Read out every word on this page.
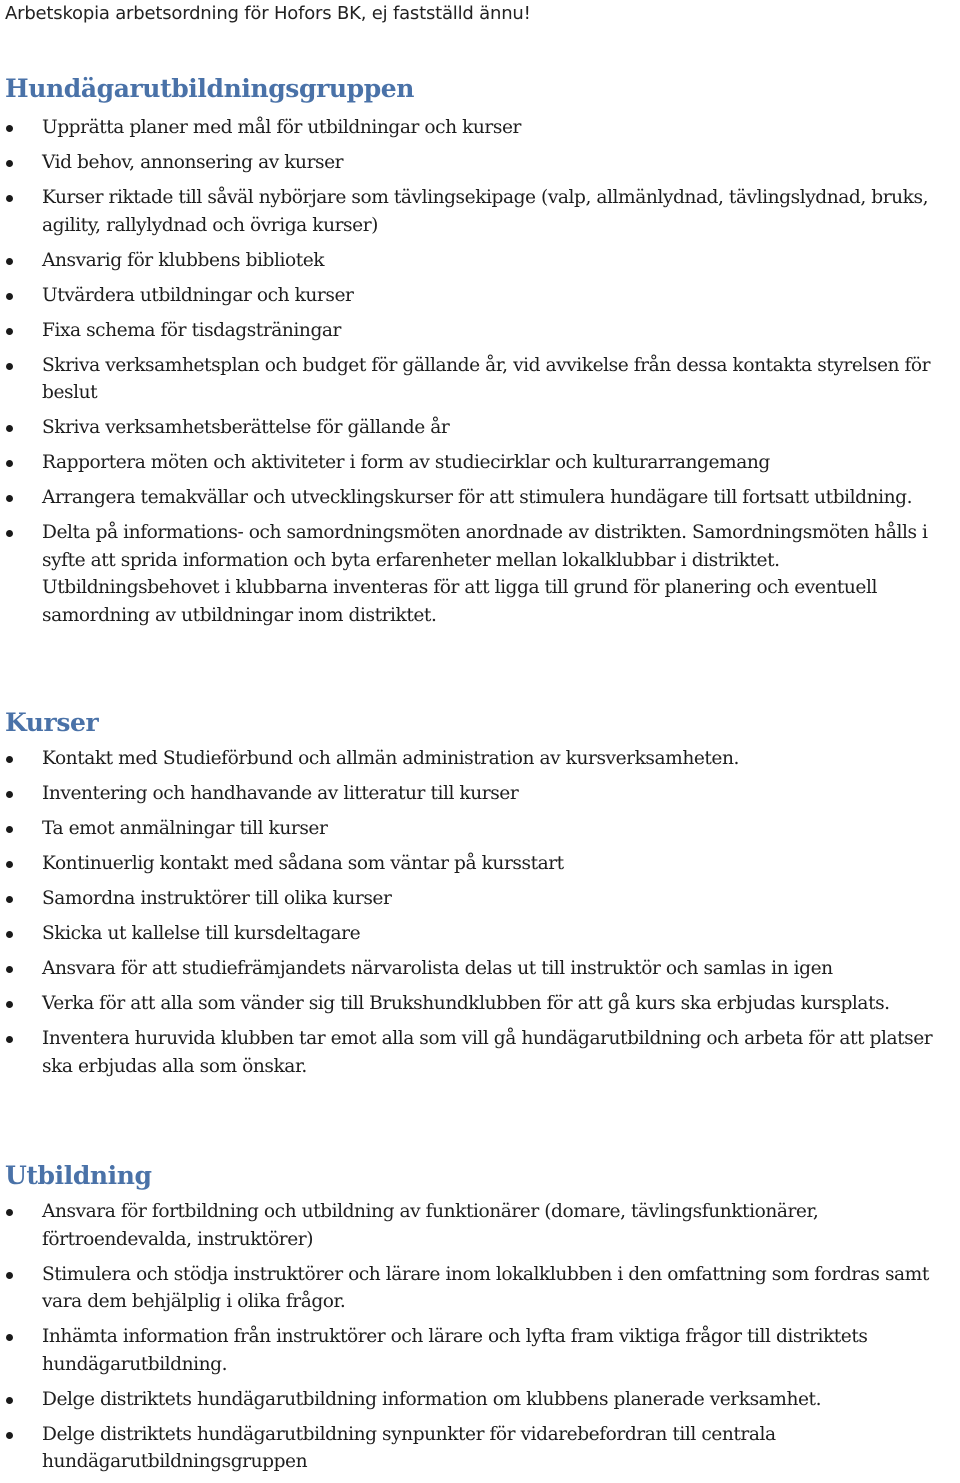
Arbetskopia arbetsordning för Hofors BK, ej fastställd ännu!
Hundägarutbildningsgruppen
Upprätta planer med mål för utbildningar och kurser
Vid behov, annonsering av kurser
Kurser riktade till såväl nybörjare som tävlingsekipage (valp, allmänlydnad, tävlingslydnad, bruks, agility, rallylydnad och övriga kurser)
Ansvarig för klubbens bibliotek
Utvärdera utbildningar och kurser
Fixa schema för tisdagsträningar
Skriva verksamhetsplan och budget för gällande år, vid avvikelse från dessa kontakta styrelsen för beslut
Skriva verksamhetsberättelse för gällande år
Rapportera möten och aktiviteter i form av studiecirklar och kulturarrangemang
Arrangera temakvällar och utvecklingskurser för att stimulera hundägare till fortsatt utbildning.
Delta på informations- och samordningsmöten anordnade av distrikten. Samordningsmöten hålls i syfte att sprida information och byta erfarenheter mellan lokalklubbar i distriktet. Utbildningsbehovet i klubbarna inventeras för att ligga till grund för planering och eventuell samordning av utbildningar inom distriktet.
Kurser
Kontakt med Studieförbund och allmän administration av kursverksamheten.
Inventering och handhavande av litteratur till kurser
Ta emot anmälningar till kurser
Kontinuerlig kontakt med sådana som väntar på kursstart
Samordna instruktörer till olika kurser
Skicka ut kallelse till kursdeltagare
Ansvara för att studiefrämjandets närvarolista delas ut till instruktör och samlas in igen
Verka för att alla som vänder sig till Brukshundklubben för att gå kurs ska erbjudas kursplats.
Inventera huruvida klubben tar emot alla som vill gå hundägarutbildning och arbeta för att platser ska erbjudas alla som önskar.
Utbildning
Ansvara för fortbildning och utbildning av funktionärer (domare, tävlingsfunktionärer, förtroendevalda, instruktörer)
Stimulera och stödja instruktörer och lärare inom lokalklubben i den omfattning som fordras samt vara dem behjälplig i olika frågor.
Inhämta information från instruktörer och lärare och lyfta fram viktiga frågor till distriktets hundägarutbildning.
Delge distriktets hundägarutbildning information om klubbens planerade verksamhet.
Delge distriktets hundägarutbildning synpunkter för vidarebefordran till centrala hundägarutbildningsgruppen
